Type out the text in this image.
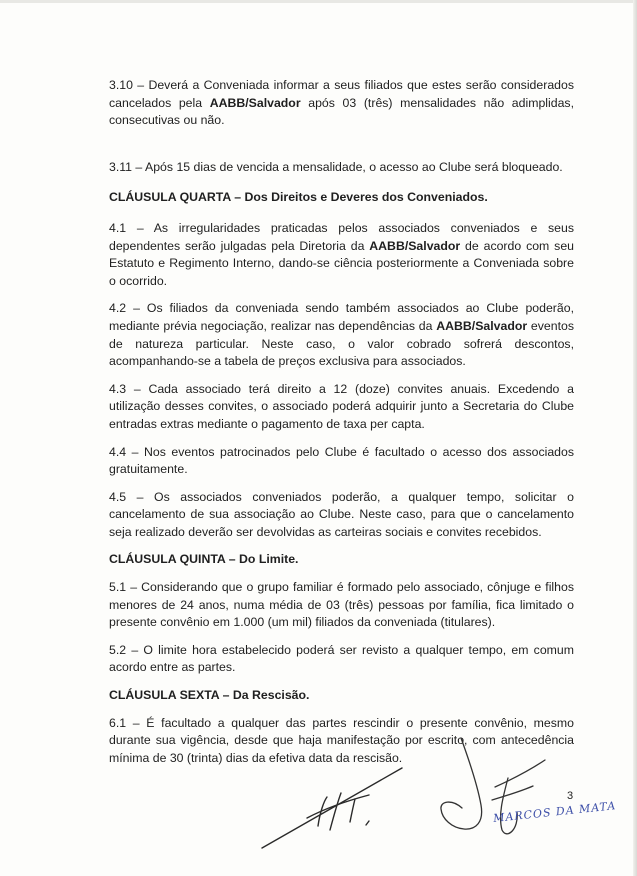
3.10 – Deverá a Conveniada informar a seus filiados que estes serão considerados cancelados pela AABB/Salvador após 03 (três) mensalidades não adimplidas, consecutivas ou não.

3.11 – Após 15 dias de vencida a mensalidade, o acesso ao Clube será bloqueado.

CLÁUSULA QUARTA – Dos Direitos e Deveres dos Conveniados.

4.1 – As irregularidades praticadas pelos associados conveniados e seus dependentes serão julgadas pela Diretoria da AABB/Salvador de acordo com seu Estatuto e Regimento Interno, dando-se ciência posteriormente a Conveniada sobre o ocorrido.

4.2 – Os filiados da conveniada sendo também associados ao Clube poderão, mediante prévia negociação, realizar nas dependências da AABB/Salvador eventos de natureza particular. Neste caso, o valor cobrado sofrerá descontos, acompanhando-se a tabela de preços exclusiva para associados.

4.3 – Cada associado terá direito a 12 (doze) convites anuais. Excedendo a utilização desses convites, o associado poderá adquirir junto a Secretaria do Clube entradas extras mediante o pagamento de taxa per capta.

4.4 – Nos eventos patrocinados pelo Clube é facultado o acesso dos associados gratuitamente.

4.5 – Os associados conveniados poderão, a qualquer tempo, solicitar o cancelamento de sua associação ao Clube. Neste caso, para que o cancelamento seja realizado deverão ser devolvidas as carteiras sociais e convites recebidos.

CLÁUSULA QUINTA – Do Limite.

5.1 – Considerando que o grupo familiar é formado pelo associado, cônjuge e filhos menores de 24 anos, numa média de 03 (três) pessoas por família, fica limitado o presente convênio em 1.000 (um mil) filiados da conveniada (titulares).

5.2 – O limite hora estabelecido poderá ser revisto a qualquer tempo, em comum acordo entre as partes.

CLÁUSULA SEXTA – Da Rescisão.

6.1 – É facultado a qualquer das partes rescindir o presente convênio, mesmo durante sua vigência, desde que haja manifestação por escrito, com antecedência mínima de 30 (trinta) dias da efetiva data da rescisão.

MARCOS DA MATA
3
